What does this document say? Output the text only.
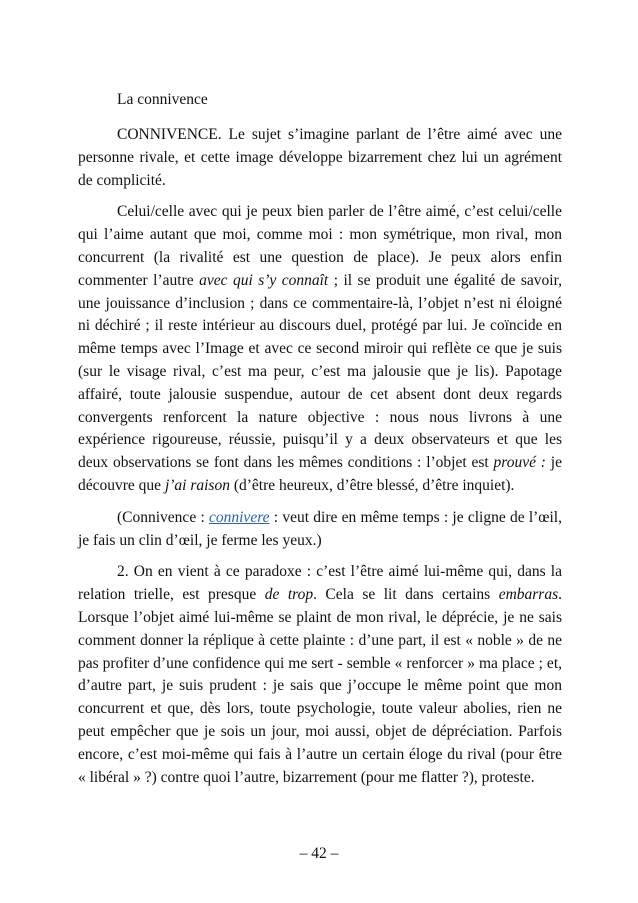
La connivence

CONNIVENCE. Le sujet s’imagine parlant de l’être aimé avec une personne rivale, et cette image développe bizarrement chez lui un agrément de complicité.

Celui/celle avec qui je peux bien parler de l’être aimé, c’est celui/celle qui l’aime autant que moi, comme moi : mon symétrique, mon rival, mon concurrent (la rivalité est une question de place). Je peux alors enfin commenter l’autre avec qui s’y connaît ; il se produit une égalité de savoir, une jouissance d’inclusion ; dans ce commentaire-là, l’objet n’est ni éloigné ni déchiré ; il reste intérieur au discours duel, protégé par lui. Je coïncide en même temps avec l’Image et avec ce second miroir qui reflète ce que je suis (sur le visage rival, c’est ma peur, c’est ma jalousie que je lis). Papotage affairé, toute jalousie suspendue, autour de cet absent dont deux regards convergents renforcent la nature objective : nous nous livrons à une expérience rigoureuse, réussie, puisqu’il y a deux observateurs et que les deux observations se font dans les mêmes conditions : l’objet est prouvé : je découvre que j’ai raison (d’être heureux, d’être blessé, d’être inquiet).

(Connivence : connivere : veut dire en même temps : je cligne de l’œil, je fais un clin d’œil, je ferme les yeux.)

2. On en vient à ce paradoxe : c’est l’être aimé lui-même qui, dans la relation trielle, est presque de trop. Cela se lit dans certains embarras. Lorsque l’objet aimé lui-même se plaint de mon rival, le déprécie, je ne sais comment donner la réplique à cette plainte : d’une part, il est « noble » de ne pas profiter d’une confidence qui me sert - semble « renforcer » ma place ; et, d’autre part, je suis prudent : je sais que j’occupe le même point que mon concurrent et que, dès lors, toute psychologie, toute valeur abolies, rien ne peut empêcher que je sois un jour, moi aussi, objet de dépréciation. Parfois encore, c’est moi-même qui fais à l’autre un certain éloge du rival (pour être « libéral » ?) contre quoi l’autre, bizarrement (pour me flatter ?), proteste.

– 42 –
